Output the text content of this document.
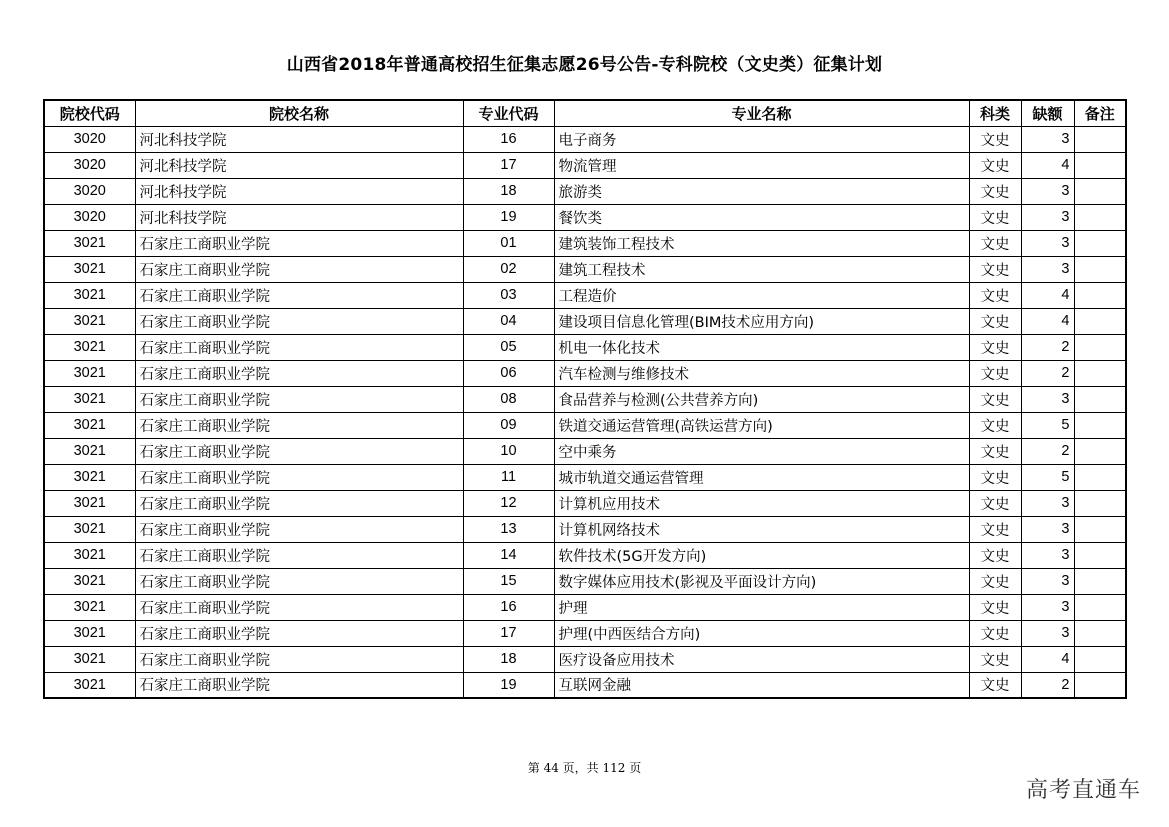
山西省2018年普通高校招生征集志愿26号公告-专科院校（文史类）征集计划
院校代码	院校名称	专业代码	专业名称	科类	缺额	备注
3020	河北科技学院	16	电子商务	文史	3	
3020	河北科技学院	17	物流管理	文史	4	
3020	河北科技学院	18	旅游类	文史	3	
3020	河北科技学院	19	餐饮类	文史	3	
3021	石家庄工商职业学院	01	建筑装饰工程技术	文史	3	
3021	石家庄工商职业学院	02	建筑工程技术	文史	3	
3021	石家庄工商职业学院	03	工程造价	文史	4	
3021	石家庄工商职业学院	04	建设项目信息化管理(BIM技术应用方向)	文史	4	
3021	石家庄工商职业学院	05	机电一体化技术	文史	2	
3021	石家庄工商职业学院	06	汽车检测与维修技术	文史	2	
3021	石家庄工商职业学院	08	食品营养与检测(公共营养方向)	文史	3	
3021	石家庄工商职业学院	09	铁道交通运营管理(高铁运营方向)	文史	5	
3021	石家庄工商职业学院	10	空中乘务	文史	2	
3021	石家庄工商职业学院	11	城市轨道交通运营管理	文史	5	
3021	石家庄工商职业学院	12	计算机应用技术	文史	3	
3021	石家庄工商职业学院	13	计算机网络技术	文史	3	
3021	石家庄工商职业学院	14	软件技术(5G开发方向)	文史	3	
3021	石家庄工商职业学院	15	数字媒体应用技术(影视及平面设计方向)	文史	3	
3021	石家庄工商职业学院	16	护理	文史	3	
3021	石家庄工商职业学院	17	护理(中西医结合方向)	文史	3	
3021	石家庄工商职业学院	18	医疗设备应用技术	文史	4	
3021	石家庄工商职业学院	19	互联网金融	文史	2	
第 44 页，共 112 页
高考直通车
